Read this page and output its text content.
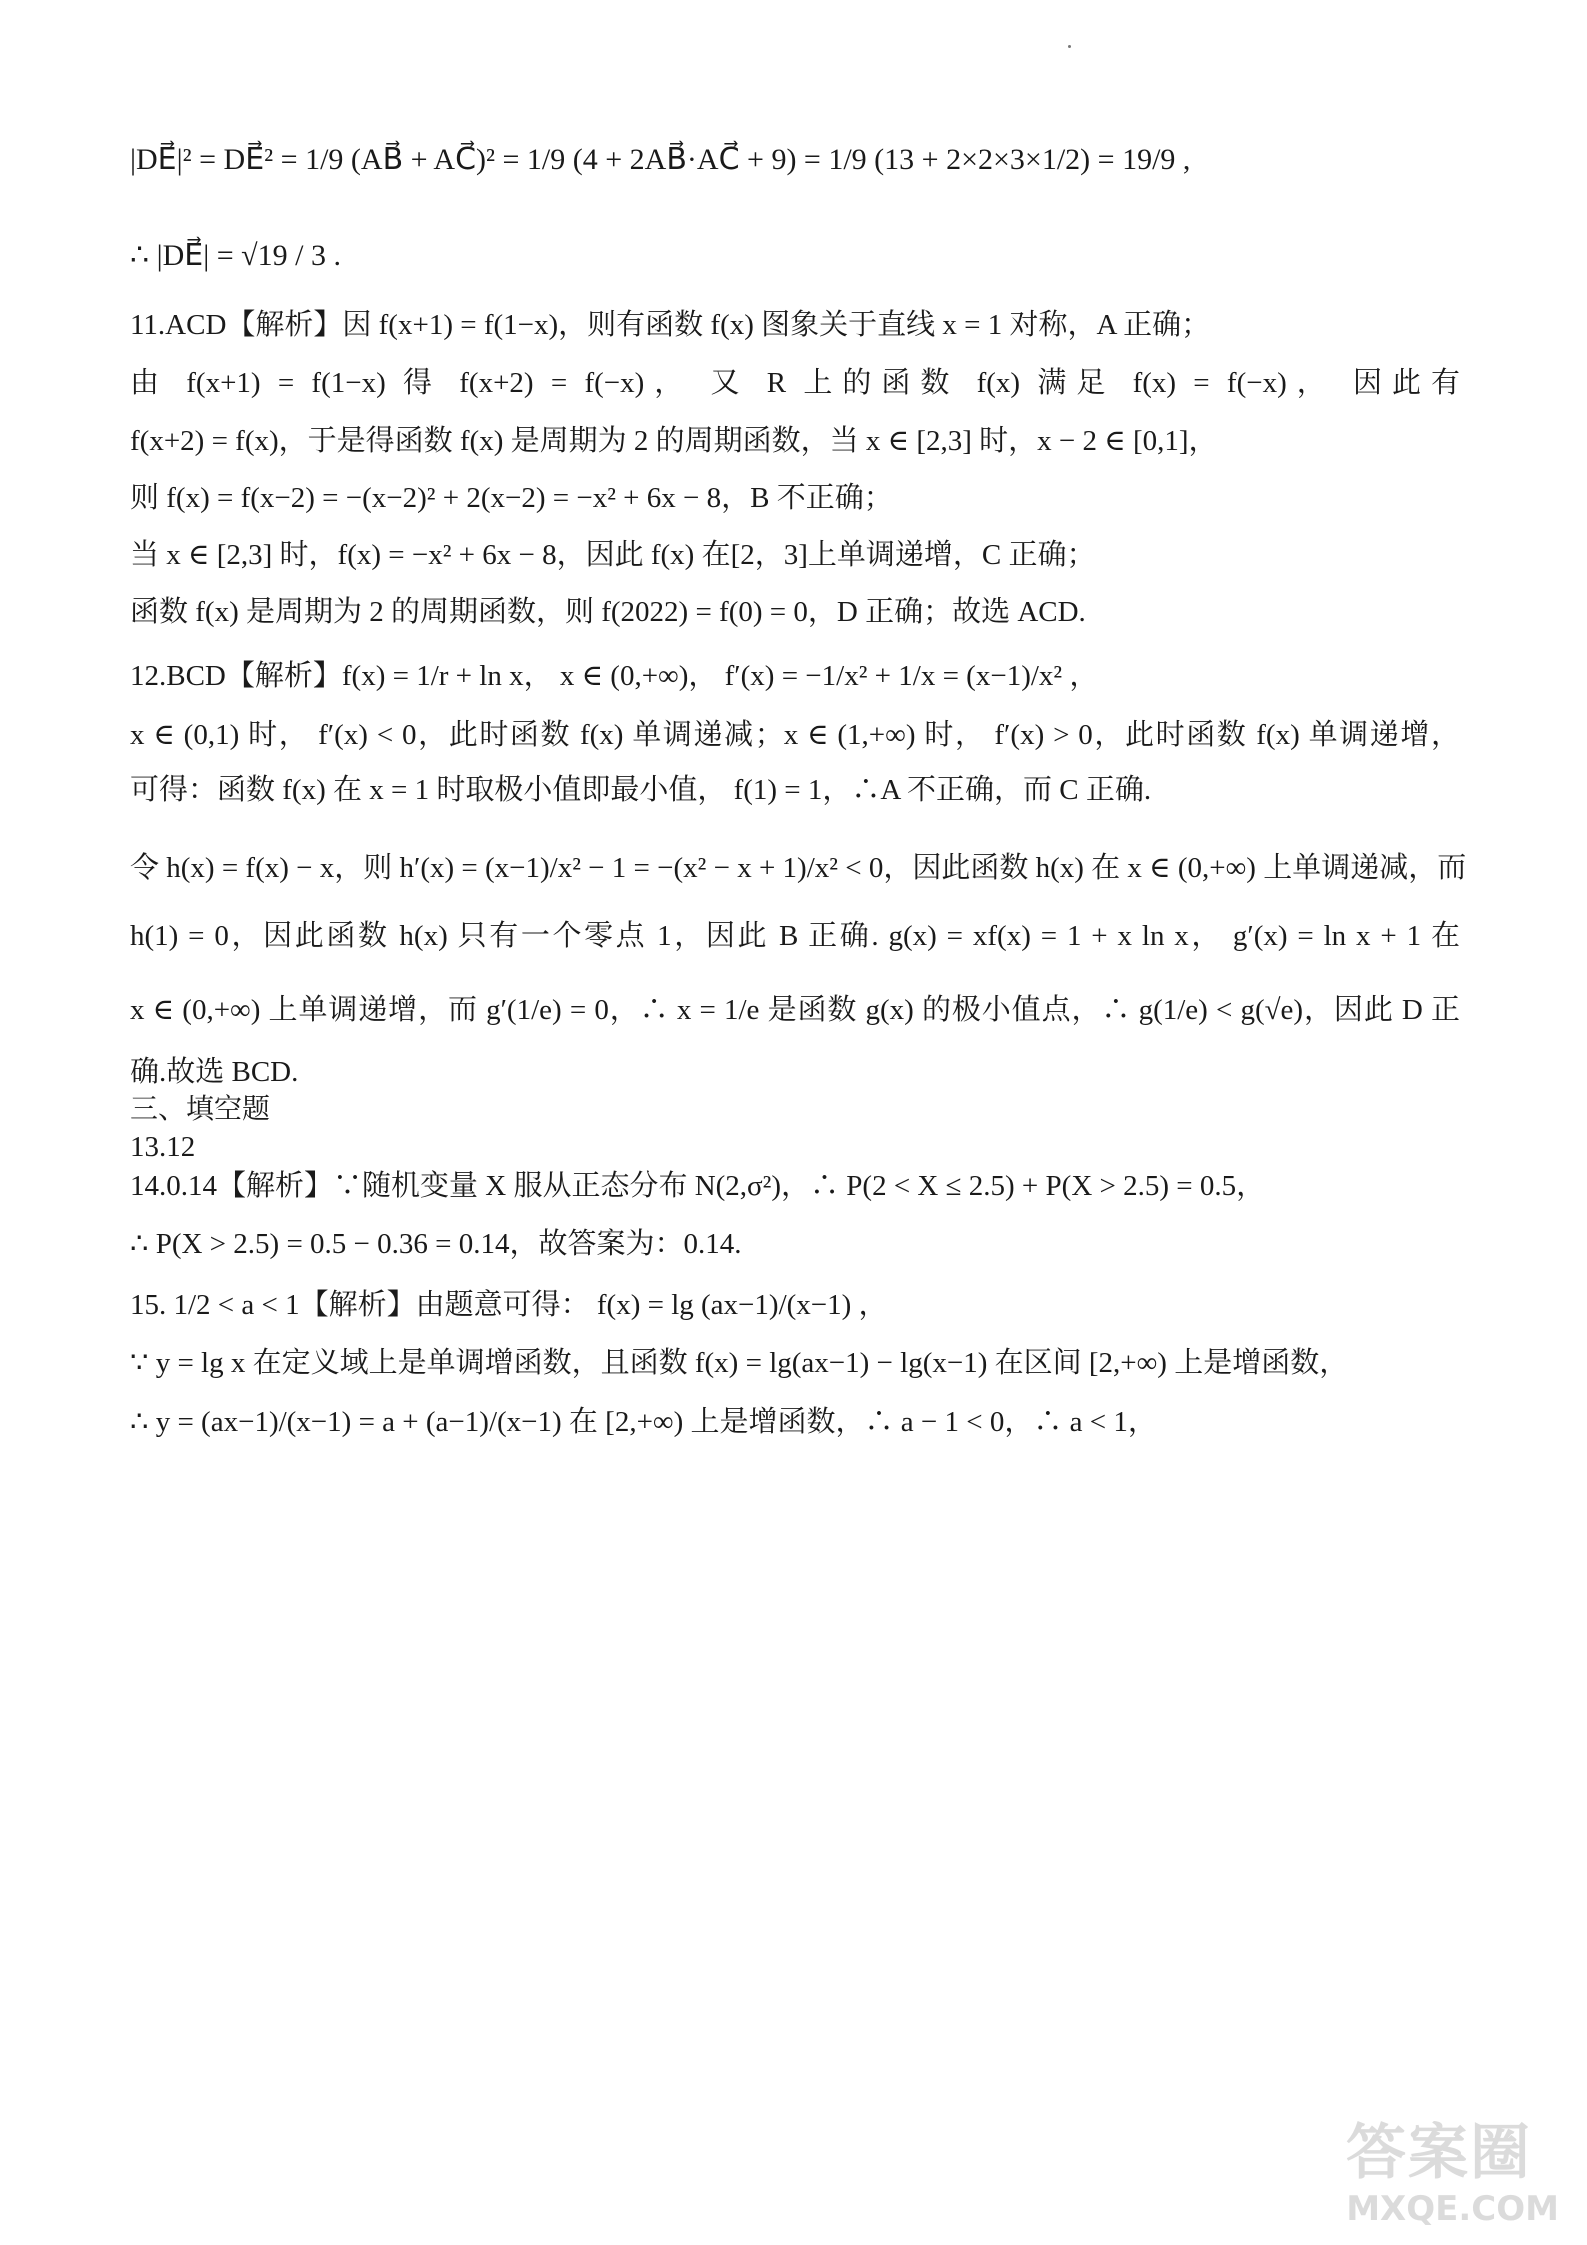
|DE⃗|² = DE⃗² = 1/9 (AB⃗ + AC⃗)² = 1/9 (4 + 2AB⃗·AC⃗ + 9) = 1/9 (13 + 2×2×3×1/2) = 19/9 ,
∴ |DE⃗| = √19 / 3 .
11.ACD【解析】因 f(x+1) = f(1−x)，则有函数 f(x) 图象关于直线 x = 1 对称，A 正确；
由 f(x+1) = f(1−x) 得 f(x+2) = f(−x)， 又 R 上的函数 f(x) 满足 f(x) = f(−x)， 因此有
f(x+2) = f(x)，于是得函数 f(x) 是周期为 2 的周期函数，当 x ∈ [2,3] 时，x − 2 ∈ [0,1]，
则 f(x) = f(x−2) = −(x−2)² + 2(x−2) = −x² + 6x − 8，B 不正确；
当 x ∈ [2,3] 时，f(x) = −x² + 6x − 8，因此 f(x) 在[2，3]上单调递增，C 正确；
函数 f(x) 是周期为 2 的周期函数，则 f(2022) = f(0) = 0，D 正确；故选 ACD.
12.BCD【解析】f(x) = 1/r + ln x， x ∈ (0,+∞)， f′(x) = −1/x² + 1/x = (x−1)/x² ，
x ∈ (0,1) 时， f′(x) < 0，此时函数 f(x) 单调递减；x ∈ (1,+∞) 时， f′(x) > 0，此时函数 f(x) 单调递增，
可得：函数 f(x) 在 x = 1 时取极小值即最小值， f(1) = 1，∴A 不正确，而 C 正确.
令 h(x) = f(x) − x，则 h′(x) = (x−1)/x² − 1 = −(x² − x + 1)/x² < 0，因此函数 h(x) 在 x ∈ (0,+∞) 上单调递减，而
h(1) = 0，因此函数 h(x) 只有一个零点 1，因此 B 正确. g(x) = xf(x) = 1 + x ln x， g′(x) = ln x + 1 在
x ∈ (0,+∞) 上单调递增，而 g′(1/e) = 0，∴ x = 1/e 是函数 g(x) 的极小值点，∴ g(1/e) < g(√e)，因此 D 正
确.故选 BCD.
三、填空题
13.12
14.0.14【解析】∵随机变量 X 服从正态分布 N(2,σ²)，∴ P(2 < X ≤ 2.5) + P(X > 2.5) = 0.5，
∴ P(X > 2.5) = 0.5 − 0.36 = 0.14，故答案为：0.14.
15. 1/2 < a < 1【解析】由题意可得： f(x) = lg (ax−1)/(x−1) ，
∵ y = lg x 在定义域上是单调增函数，且函数 f(x) = lg(ax−1) − lg(x−1) 在区间 [2,+∞) 上是增函数，
∴ y = (ax−1)/(x−1) = a + (a−1)/(x−1) 在 [2,+∞) 上是增函数，∴ a − 1 < 0，∴ a < 1，
答案圈
MXQE.COM
